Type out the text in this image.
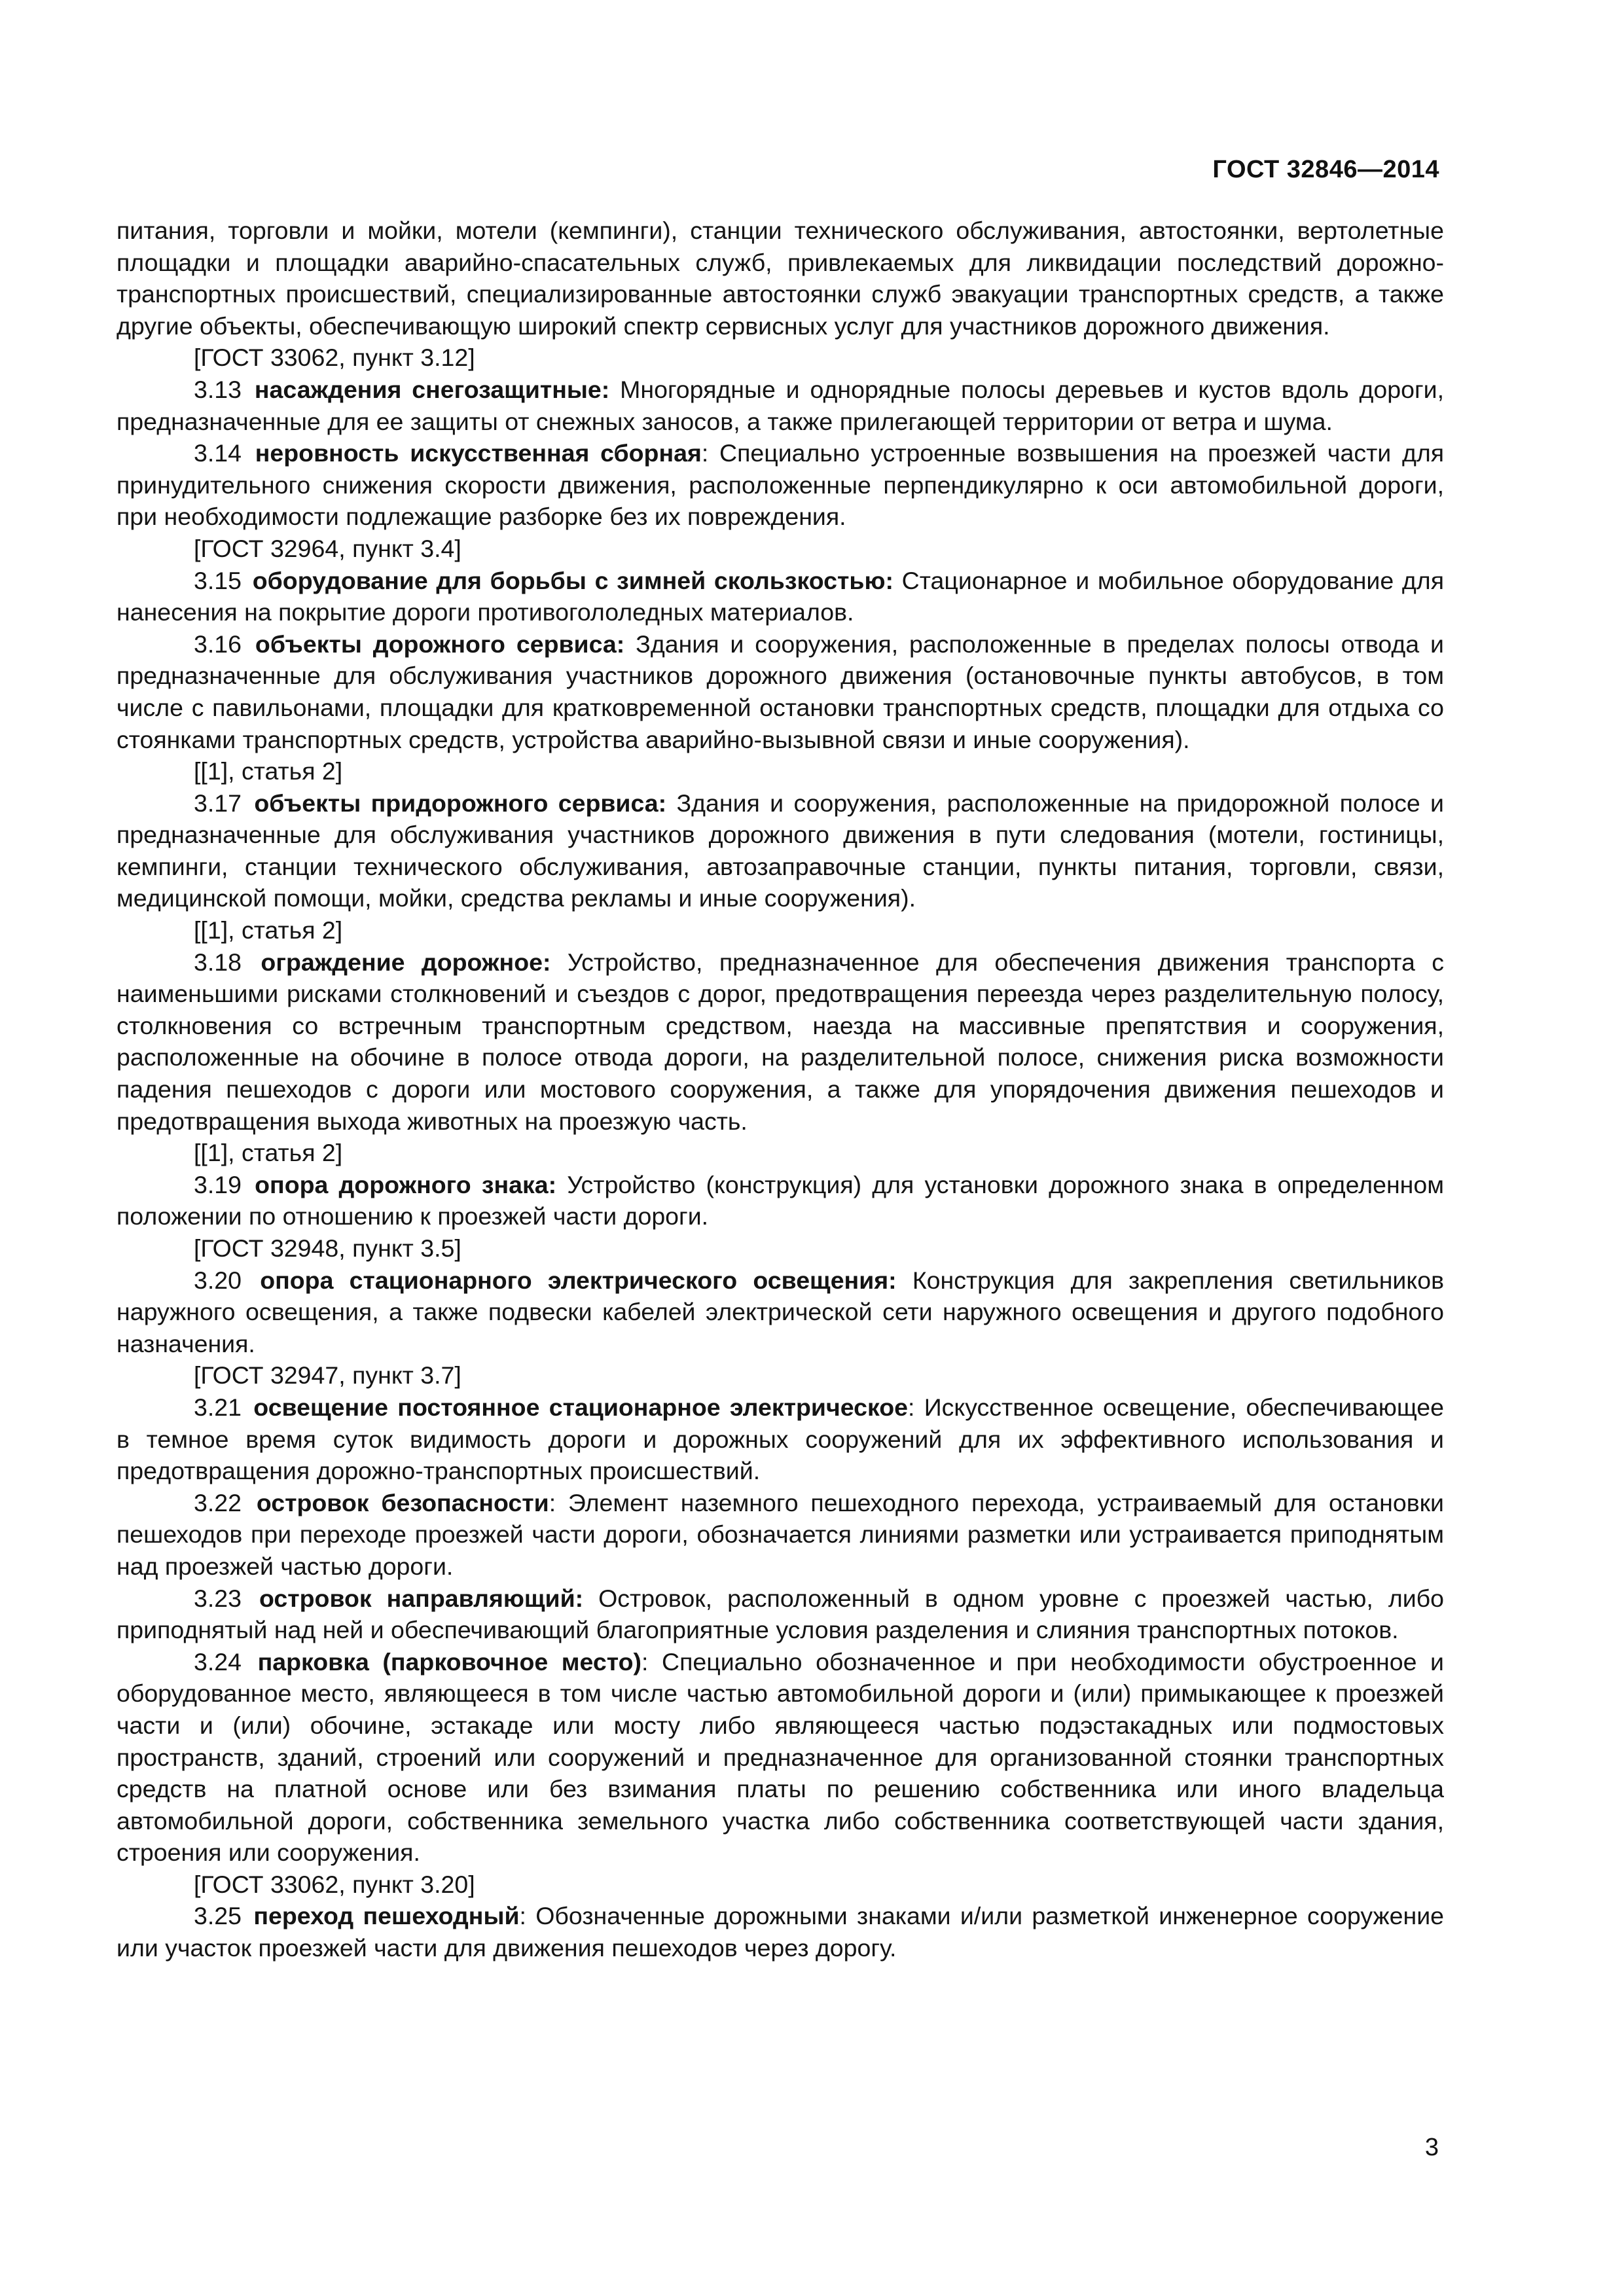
ГОСТ 32846—2014

питания, торговли и мойки, мотели (кемпинги), станции технического обслуживания, автостоянки, вертолетные площадки и площадки аварийно-спасательных служб, привлекаемых для ликвидации последствий дорожно-транспортных происшествий, специализированные автостоянки служб эвакуации транспортных средств, а также другие объекты, обеспечивающую широкий спектр сервисных услуг для участников дорожного движения.

[ГОСТ 33062, пункт 3.12]

3.13 насаждения снегозащитные: Многорядные и однорядные полосы деревьев и кустов вдоль дороги, предназначенные для ее защиты от снежных заносов, а также прилегающей территории от ветра и шума.

3.14 неровность искусственная сборная: Специально устроенные возвышения на проезжей части для принудительного снижения скорости движения, расположенные перпендикулярно к оси автомобильной дороги, при необходимости подлежащие разборке без их повреждения.

[ГОСТ 32964, пункт 3.4]

3.15 оборудование для борьбы с зимней скользкостью: Стационарное и мобильное оборудование для нанесения на покрытие дороги противогололедных материалов.

3.16 объекты дорожного сервиса: Здания и сооружения, расположенные в пределах полосы отвода и предназначенные для обслуживания участников дорожного движения (остановочные пункты автобусов, в том числе с павильонами, площадки для кратковременной остановки транспортных средств, площадки для отдыха со стоянками транспортных средств, устройства аварийно-вызывной связи и иные сооружения).

[[1], статья 2]

3.17 объекты придорожного сервиса: Здания и сооружения, расположенные на придорожной полосе и предназначенные для обслуживания участников дорожного движения в пути следования (мотели, гостиницы, кемпинги, станции технического обслуживания, автозаправочные станции, пункты питания, торговли, связи, медицинской помощи, мойки, средства рекламы и иные сооружения).

[[1], статья 2]

3.18 ограждение дорожное: Устройство, предназначенное для обеспечения движения транспорта с наименьшими рисками столкновений и съездов с дорог, предотвращения переезда через разделительную полосу, столкновения со встречным транспортным средством, наезда на массивные препятствия и сооружения, расположенные на обочине в полосе отвода дороги, на разделительной полосе, снижения риска возможности падения пешеходов с дороги или мостового сооружения, а также для упорядочения движения пешеходов и предотвращения выхода животных на проезжую часть.

[[1], статья 2]

3.19 опора дорожного знака: Устройство (конструкция) для установки дорожного знака в определенном положении по отношению к проезжей части дороги.

[ГОСТ 32948, пункт 3.5]

3.20 опора стационарного электрического освещения: Конструкция для закрепления светильников наружного освещения, а также подвески кабелей электрической сети наружного освещения и другого подобного назначения.

[ГОСТ 32947, пункт 3.7]

3.21 освещение постоянное стационарное электрическое: Искусственное освещение, обеспечивающее в темное время суток видимость дороги и дорожных сооружений для их эффективного использования и предотвращения дорожно-транспортных происшествий.

3.22 островок безопасности: Элемент наземного пешеходного перехода, устраиваемый для остановки пешеходов при переходе проезжей части дороги, обозначается линиями разметки или устраивается приподнятым над проезжей частью дороги.

3.23 островок направляющий: Островок, расположенный в одном уровне с проезжей частью, либо приподнятый над ней и обеспечивающий благоприятные условия разделения и слияния транспортных потоков.

3.24 парковка (парковочное место): Специально обозначенное и при необходимости обустроенное и оборудованное место, являющееся в том числе частью автомобильной дороги и (или) примыкающее к проезжей части и (или) обочине, эстакаде или мосту либо являющееся частью подэстакадных или подмостовых пространств, зданий, строений или сооружений и предназначенное для организованной стоянки транспортных средств на платной основе или без взимания платы по решению собственника или иного владельца автомобильной дороги, собственника земельного участка либо собственника соответствующей части здания, строения или сооружения.

[ГОСТ 33062, пункт 3.20]

3.25 переход пешеходный: Обозначенные дорожными знаками и/или разметкой инженерное сооружение или участок проезжей части для движения пешеходов через дорогу.

3
